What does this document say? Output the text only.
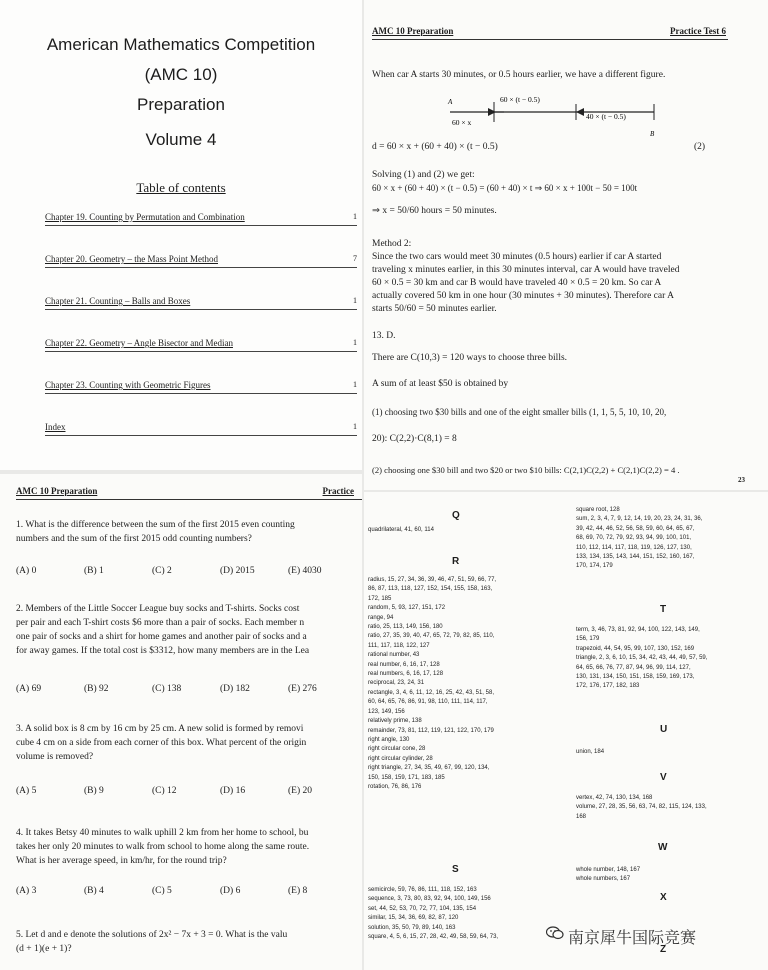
American Mathematics Competition
(AMC 10)
Preparation
Volume 4
Table of contents
Chapter 19. Counting by Permutation and Combination	1
Chapter 20. Geometry – the Mass Point Method	7
Chapter 21. Counting – Balls and Boxes	1
Chapter 22. Geometry – Angle Bisector and Median	1
Chapter 23. Counting with Geometric Figures	1
Index	1
AMC 10 Preparation	Practice
1. What is the difference between the sum of the first 2015 even counting
numbers and the sum of the first 2015 odd counting numbers?
(A) 0	(B) 1	(C) 2	(D) 2015	(E) 4030
2. Members of the Little Soccer League buy socks and T-shirts. Socks cost
per pair and each T-shirt costs $6 more than a pair of socks. Each member n
one pair of socks and a shirt for home games and another pair of socks and a
for away games. If the total cost is $3312, how many members are in the Lea
(A) 69	(B) 92	(C) 138	(D) 182	(E) 276
3. A solid box is 8 cm by 16 cm by 25 cm. A new solid is formed by removi
cube 4 cm on a side from each corner of this box. What percent of the origin
volume is removed?
(A) 5	(B) 9	(C) 12	(D) 16	(E) 20
4. It takes Betsy 40 minutes to walk uphill 2 km from her home to school, bu
takes her only 20 minutes to walk from school to home along the same route.
What is her average speed, in km/hr, for the round trip?
(A) 3	(B) 4	(C) 5	(D) 6	(E) 8
5. Let d and e denote the solutions of 2x² − 7x + 3 = 0. What is the valu
(d + 1)(e + 1)?
AMC 10 Preparation	Practice Test 6
When car A starts 30 minutes, or 0.5 hours earlier, we have a different figure.
A
B
60 × (t − 0.5)
60 × x
40 × (t − 0.5)
d = 60 × x + (60 + 40) × (t − 0.5)	(2)
Solving (1) and (2) we get:
60 × x + (60 + 40) × (t − 0.5) = (60 + 40) × t ⇒ 60 × x + 100t − 50 = 100t
⇒ x = 50/60 hours = 50 minutes.
Method 2:
Since the two cars would meet 30 minutes (0.5 hours) earlier if car A started
traveling x minutes earlier, in this 30 minutes interval, car A would have traveled
60 × 0.5 = 30 km and car B would have traveled 40 × 0.5 = 20 km. So car A
actually covered 50 km in one hour (30 minutes + 30 minutes). Therefore car A
starts 50/60 = 50 minutes earlier.
13. D.
There are C(10,3) = 120 ways to choose three bills.
A sum of at least $50 is obtained by
(1) choosing two $30 bills and one of the eight smaller bills (1, 1, 5, 5, 10, 10, 20,
20): C(2,2)·C(8,1) = 8
(2) choosing one $30 bill and two $20 or two $10 bills: C(2,1)C(2,2) + C(2,1)C(2,2) = 4 .
23
Q
quadrilateral, 41, 60, 114
R
radius, 15, 27, 34, 36, 39, 46, 47, 51, 59, 66, 77,
86, 87, 113, 118, 127, 152, 154, 155, 158, 163,
172, 185
random, 5, 93, 127, 151, 172
range, 94
ratio, 25, 113, 149, 156, 180
ratio, 27, 35, 39, 40, 47, 65, 72, 79, 82, 85, 110,
111, 117, 118, 122, 127
rational number, 43
real number, 6, 16, 17, 128
real numbers, 6, 16, 17, 128
reciprocal, 23, 24, 31
rectangle, 3, 4, 6, 11, 12, 16, 25, 42, 43, 51, 58,
60, 64, 65, 76, 86, 91, 98, 110, 111, 114, 117,
123, 149, 156
relatively prime, 138
remainder, 73, 81, 112, 119, 121, 122, 170, 179
right angle, 130
right circular cone, 28
right circular cylinder, 28
right triangle, 27, 34, 35, 49, 67, 99, 120, 134,
150, 158, 159, 171, 183, 185
rotation, 76, 86, 176
S
semicircle, 59, 76, 86, 111, 118, 152, 163
sequence, 3, 73, 80, 83, 92, 94, 100, 149, 156
set, 44, 52, 53, 70, 72, 77, 104, 135, 154
similar, 15, 34, 36, 69, 82, 87, 120
solution, 35, 50, 79, 89, 140, 163
square, 4, 5, 6, 15, 27, 28, 42, 49, 58, 59, 64, 73,
square root, 128
sum, 2, 3, 4, 7, 9, 12, 14, 19, 20, 23, 24, 31, 36,
39, 42, 44, 46, 52, 56, 58, 59, 60, 64, 65, 67,
68, 69, 70, 72, 79, 92, 93, 94, 99, 100, 101,
110, 112, 114, 117, 118, 119, 126, 127, 130,
133, 134, 135, 143, 144, 151, 152, 160, 167,
170, 174, 179
T
term, 3, 46, 73, 81, 92, 94, 100, 122, 143, 149,
156, 179
trapezoid, 44, 54, 95, 99, 107, 130, 152, 169
triangle, 2, 3, 6, 10, 15, 34, 42, 43, 44, 49, 57, 59,
64, 65, 66, 76, 77, 87, 94, 96, 99, 114, 127,
130, 131, 134, 150, 151, 158, 159, 169, 173,
172, 176, 177, 182, 183
U
union, 184
V
vertex, 42, 74, 130, 134, 168
volume, 27, 28, 35, 56, 63, 74, 82, 115, 124, 133,
168
W
whole number, 148, 167
whole numbers, 167
X
Z
南京犀牛国际竞赛
